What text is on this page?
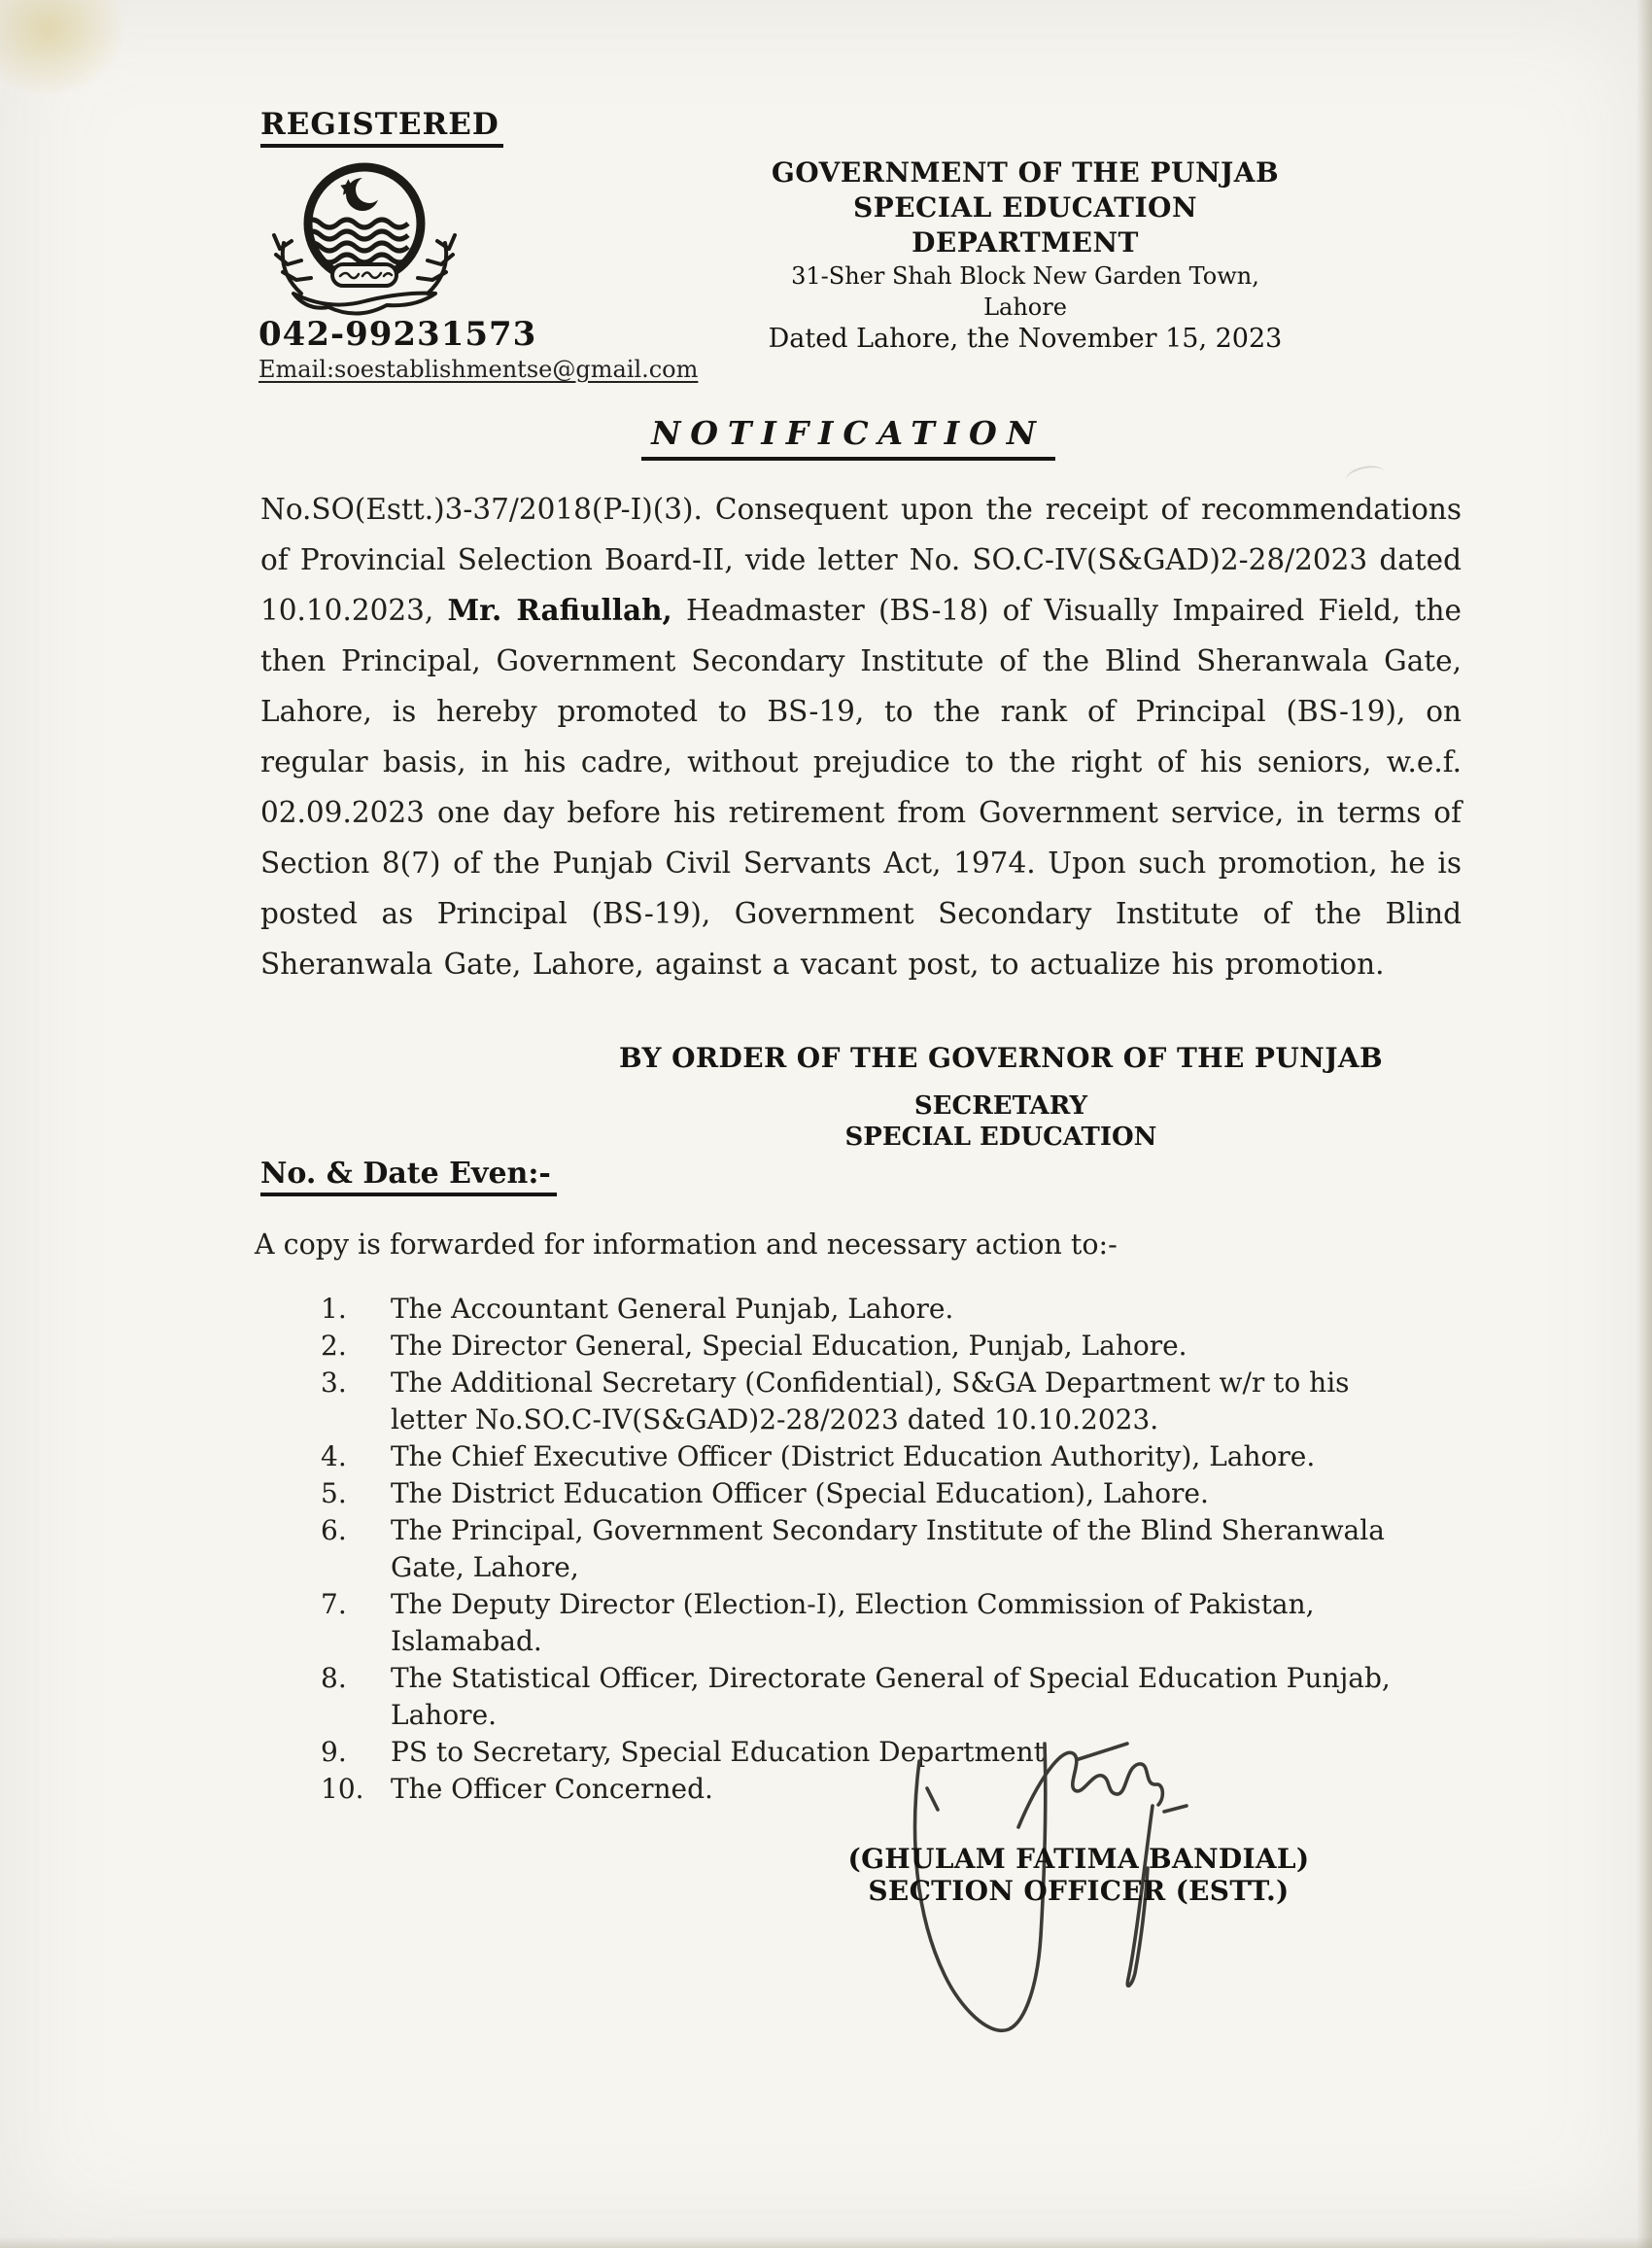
REGISTERED
042-99231573
Email:soestablishmentse@gmail.com
GOVERNMENT OF THE PUNJAB
SPECIAL EDUCATION DEPARTMENT
31-Sher Shah Block New Garden Town, Lahore
Dated Lahore, the November 15, 2023
NOTIFICATION
No.SO(Estt.)3-37/2018(P-I)(3). Consequent upon the receipt of recommendations of Provincial Selection Board-II, vide letter No. SO.C-IV(S&GAD)2-28/2023 dated 10.10.2023, Mr. Rafiullah, Headmaster (BS-18) of Visually Impaired Field, the then Principal, Government Secondary Institute of the Blind Sheranwala Gate, Lahore, is hereby promoted to BS-19, to the rank of Principal (BS-19), on regular basis, in his cadre, without prejudice to the right of his seniors, w.e.f. 02.09.2023 one day before his retirement from Government service, in terms of Section 8(7) of the Punjab Civil Servants Act, 1974. Upon such promotion, he is posted as Principal (BS-19), Government Secondary Institute of the Blind Sheranwala Gate, Lahore, against a vacant post, to actualize his promotion.
BY ORDER OF THE GOVERNOR OF THE PUNJAB
SECRETARY
SPECIAL EDUCATION
No. & Date Even:-
A copy is forwarded for information and necessary action to:-
1.	The Accountant General Punjab, Lahore.
2.	The Director General, Special Education, Punjab, Lahore.
3.	The Additional Secretary (Confidential), S&GA Department w/r to his letter No.SO.C-IV(S&GAD)2-28/2023 dated 10.10.2023.
4.	The Chief Executive Officer (District Education Authority), Lahore.
5.	The District Education Officer (Special Education), Lahore.
6.	The Principal, Government Secondary Institute of the Blind Sheranwala Gate, Lahore,
7.	The Deputy Director (Election-I), Election Commission of Pakistan, Islamabad.
8.	The Statistical Officer, Directorate General of Special Education Punjab, Lahore.
9.	PS to Secretary, Special Education Department
10. The Officer Concerned.
(GHULAM FATIMA BANDIAL)
SECTION OFFICER (ESTT.)
